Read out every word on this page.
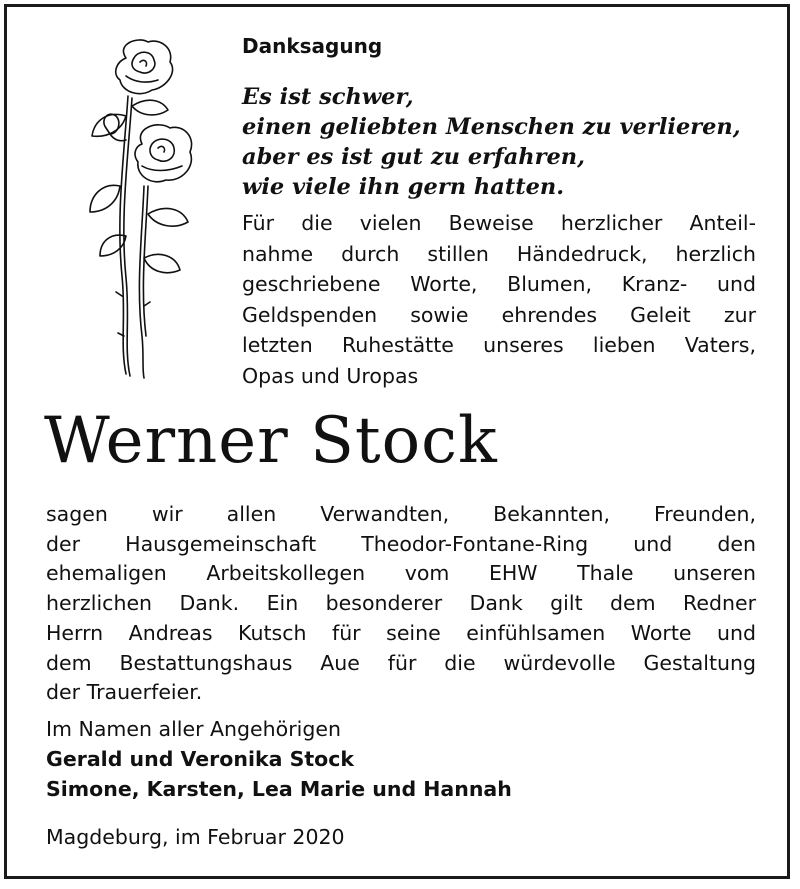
Danksagung
Es ist schwer,
einen geliebten Menschen zu verlieren,
aber es ist gut zu erfahren,
wie viele ihn gern hatten.
Für die vielen Beweise herzlicher Anteil-
nahme durch stillen Händedruck, herzlich
geschriebene Worte, Blumen, Kranz- und
Geldspenden sowie ehrendes Geleit zur
letzten Ruhestätte unseres lieben Vaters,
Opas und Uropas
Werner Stock
sagen wir allen Verwandten, Bekannten, Freunden,
der Hausgemeinschaft Theodor-Fontane-Ring und den
ehemaligen Arbeitskollegen vom EHW Thale unseren
herzlichen Dank. Ein besonderer Dank gilt dem Redner
Herrn Andreas Kutsch für seine einfühlsamen Worte und
dem Bestattungshaus Aue für die würdevolle Gestaltung
der Trauerfeier.
Im Namen aller Angehörigen
Gerald und Veronika Stock
Simone, Karsten, Lea Marie und Hannah
Magdeburg, im Februar 2020
